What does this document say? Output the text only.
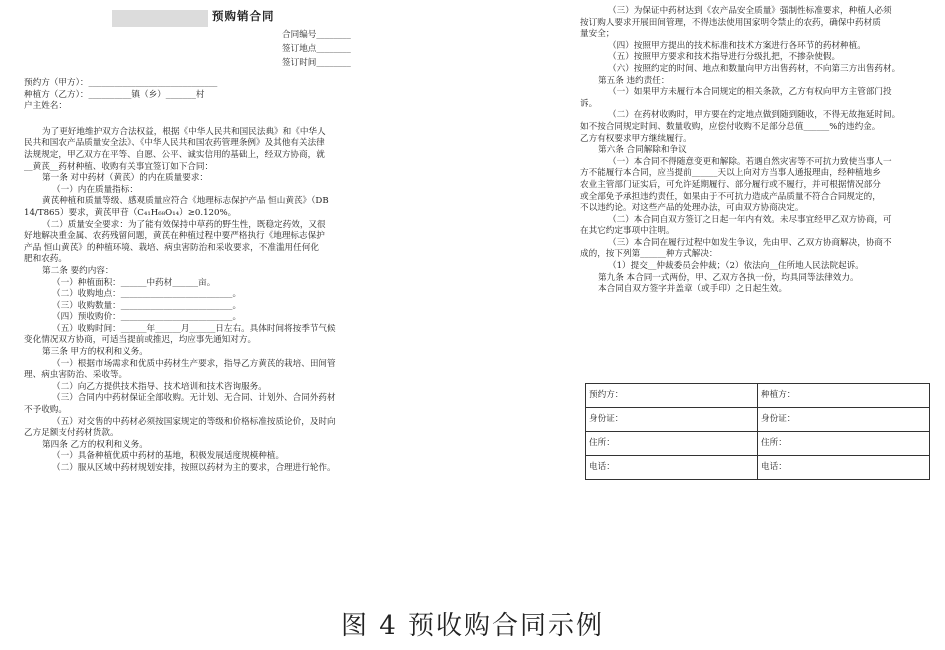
预购销合同

合同编号________

签订地点________

签订时间________

预约方（甲方）：______________________________

种植方（乙方）：__________镇（乡）_______村

户主姓名：

为了更好地维护双方合法权益，根据《中华人民共和国民法典》和《中华人

民共和国农产品质量安全法》、《中华人民共和国农药管理条例》及其他有关法律

法规规定，甲乙双方在平等、自愿、公平、诚实信用的基础上，经双方协商，就

__黄芪__药材种植、收购有关事宜签订如下合同：

第一条 对中药材（黄芪）的内在质量要求：

（一）内在质量指标：

黄芪种植和质量等级、感观质量应符合《地理标志保护产品 恒山黄芪》（DB

14/T865）要求，黄芪甲苷（C₄₁H₆₈O₁₄）≥0.120%。

（二）质量安全要求：为了能有效保持中草药的野生性，既稳定药效，又很

好地解决重金属、农药残留问题，黄芪在种植过程中要严格执行《地理标志保护

产品 恒山黄芪》的种植环境、栽培、病虫害防治和采收要求，不准滥用任何化

肥和农药。

第二条 要约内容：

（一）种植面积：______中药材______亩。

（二）收购地点：__________________________。

（三）收购数量：__________________________。

（四）预收购价：__________________________。

（五）收购时间：______年______月______日左右。具体时间将按季节气候

变化情况双方协商，可适当提前或推迟，均应事先通知对方。

第三条 甲方的权利和义务。

（一）根据市场需求和优质中药材生产要求，指导乙方黄芪的栽培、田间管

理、病虫害防治、采收等。

（二）向乙方提供技术指导、技术培训和技术咨询服务。

（三）合同内中药材保证全部收购。无计划、无合同、计划外、合同外药材

不予收购。

（五）对交售的中药材必须按国家规定的等级和价格标准按质论价，及时向

乙方足额支付药材货款。

第四条 乙方的权利和义务。

（一）具备种植优质中药材的基地，积极发展适度规模种植。

（二）服从区域中药材规划安排，按照以药材为主的要求，合理进行轮作。

（三）为保证中药材达到《农产品安全质量》强制性标准要求，种植人必须

按订购人要求开展田间管理，不得违法使用国家明令禁止的农药，确保中药材质

量安全；

（四）按照甲方提出的技术标准和技术方案进行各环节的药材种植。

（五）按照甲方要求和技术指导进行分级扎把，不掺杂使假。

（六）按照约定的时间、地点和数量向甲方出售药材，不向第三方出售药材。

第五条 违约责任：

（一）如果甲方未履行本合同规定的相关条款，乙方有权向甲方主管部门投

诉。

（二）在药材收购时，甲方要在约定地点做到随到随收，不得无故拖延时间。

如不按合同规定时间、数量收购，应偿付收购不足部分总值______%的违约金。

乙方有权要求甲方继续履行。

第六条 合同解除和争议

（一）本合同不得随意变更和解除。若遇自然灾害等不可抗力致使当事人一

方不能履行本合同，应当提前______天以上向对方当事人通报理由，经种植地乡

农业主管部门证实后，可允许延期履行、部分履行或不履行，并可根据情况部分

或全部免予承担违约责任，如果由于不可抗力造成产品质量不符合合同规定的，

不以违约论。对这些产品的处理办法，可由双方协商决定。

（二）本合同自双方签订之日起一年内有效。未尽事宜经甲乙双方协商，可

在其它约定事项中注明。

（三）本合同在履行过程中如发生争议，先由甲、乙双方协商解决，协商不

成的，按下列第______种方式解决：

（1）提交__仲裁委员会仲裁；（2）依法向__住所地人民法院起诉。

第九条 本合同一式两份，甲、乙双方各执一份，均具同等法律效力。

本合同自双方签字并盖章（或手印）之日起生效。

预约方：	种植方：
身份证：	身份证：
住所：	住所：
电话：	电话：
图 4 预收购合同示例
